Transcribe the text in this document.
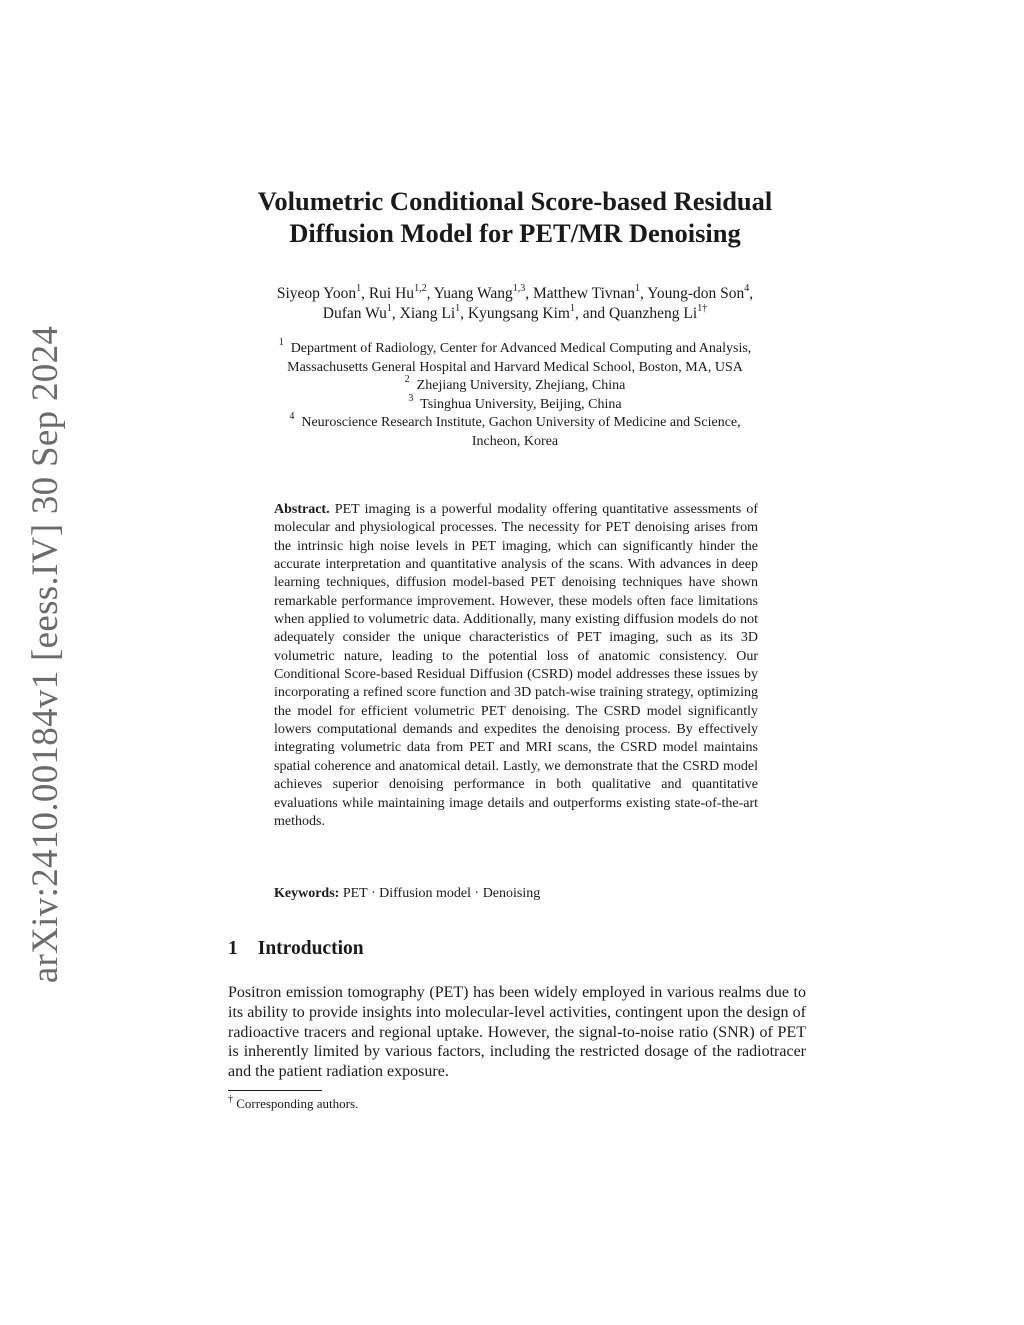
arXiv:2410.00184v1 [eess.IV] 30 Sep 2024
Volumetric Conditional Score-based Residual
Diffusion Model for PET/MR Denoising
Siyeop Yoon$^1$, Rui Hu$^{1,2}$, Yuang Wang$^{1,3}$, Matthew Tivnan$^1$, Young-don Son$^4$,
Dufan Wu$^1$, Xiang Li$^1$, Kyungsang Kim$^1$, and Quanzheng $Li^{1\dagger}$
$^1$ Department of Radiology, Center for Advanced Medical Computing and Analysis,
Massachusetts General Hospital and Harvard Medical School, Boston, MA, USA
$^2$ Zhejiang University, Zhejiang, China
$^3$ Tsinghua University, Beijing, China
$^4$ Neuroscience Research Institute, Gachon University of Medicine and Science,
Incheon, Korea
Abstract. PET imaging is a powerful modality offering quantitative assessments of molecular and physiological processes. The necessity for PET denoising arises from the intrinsic high noise levels in PET imaging, which can significantly hinder the accurate interpretation and quantitative analysis of the scans. With advances in deep learning techniques, diffusion model-based PET denoising techniques have shown remarkable performance improvement. However, these models often face limitations when applied to volumetric data. Additionally, many existing diffusion models do not adequately consider the unique characteristics of PET imaging, such as its 3D volumetric nature, leading to the potential loss of anatomic consistency. Our Conditional Score-based Residual Diffusion (CSRD) model addresses these issues by incorporating a refined score function and 3D patch-wise training strategy, optimizing the model for efficient volumetric PET denoising. The CSRD model significantly lowers computational demands and expedites the denoising process. By effectively integrating volumetric data from PET and MRI scans, the CSRD model maintains spatial coherence and anatomical detail. Lastly, we demonstrate that the CSRD model achieves superior denoising performance in both qualitative and quantitative evaluations while maintaining image details and outperforms existing state-of-the-art methods.
Keywords: PET · Diffusion model · Denoising
1 Introduction
Positron emission tomography (PET) has been widely employed in various realms due to its ability to provide insights into molecular-level activities, contingent upon the design of radioactive tracers and regional uptake. However, the signal-to-noise ratio (SNR) of PET is inherently limited by various factors, including the restricted dosage of the radiotracer and the patient radiation exposure.
† Corresponding authors.
